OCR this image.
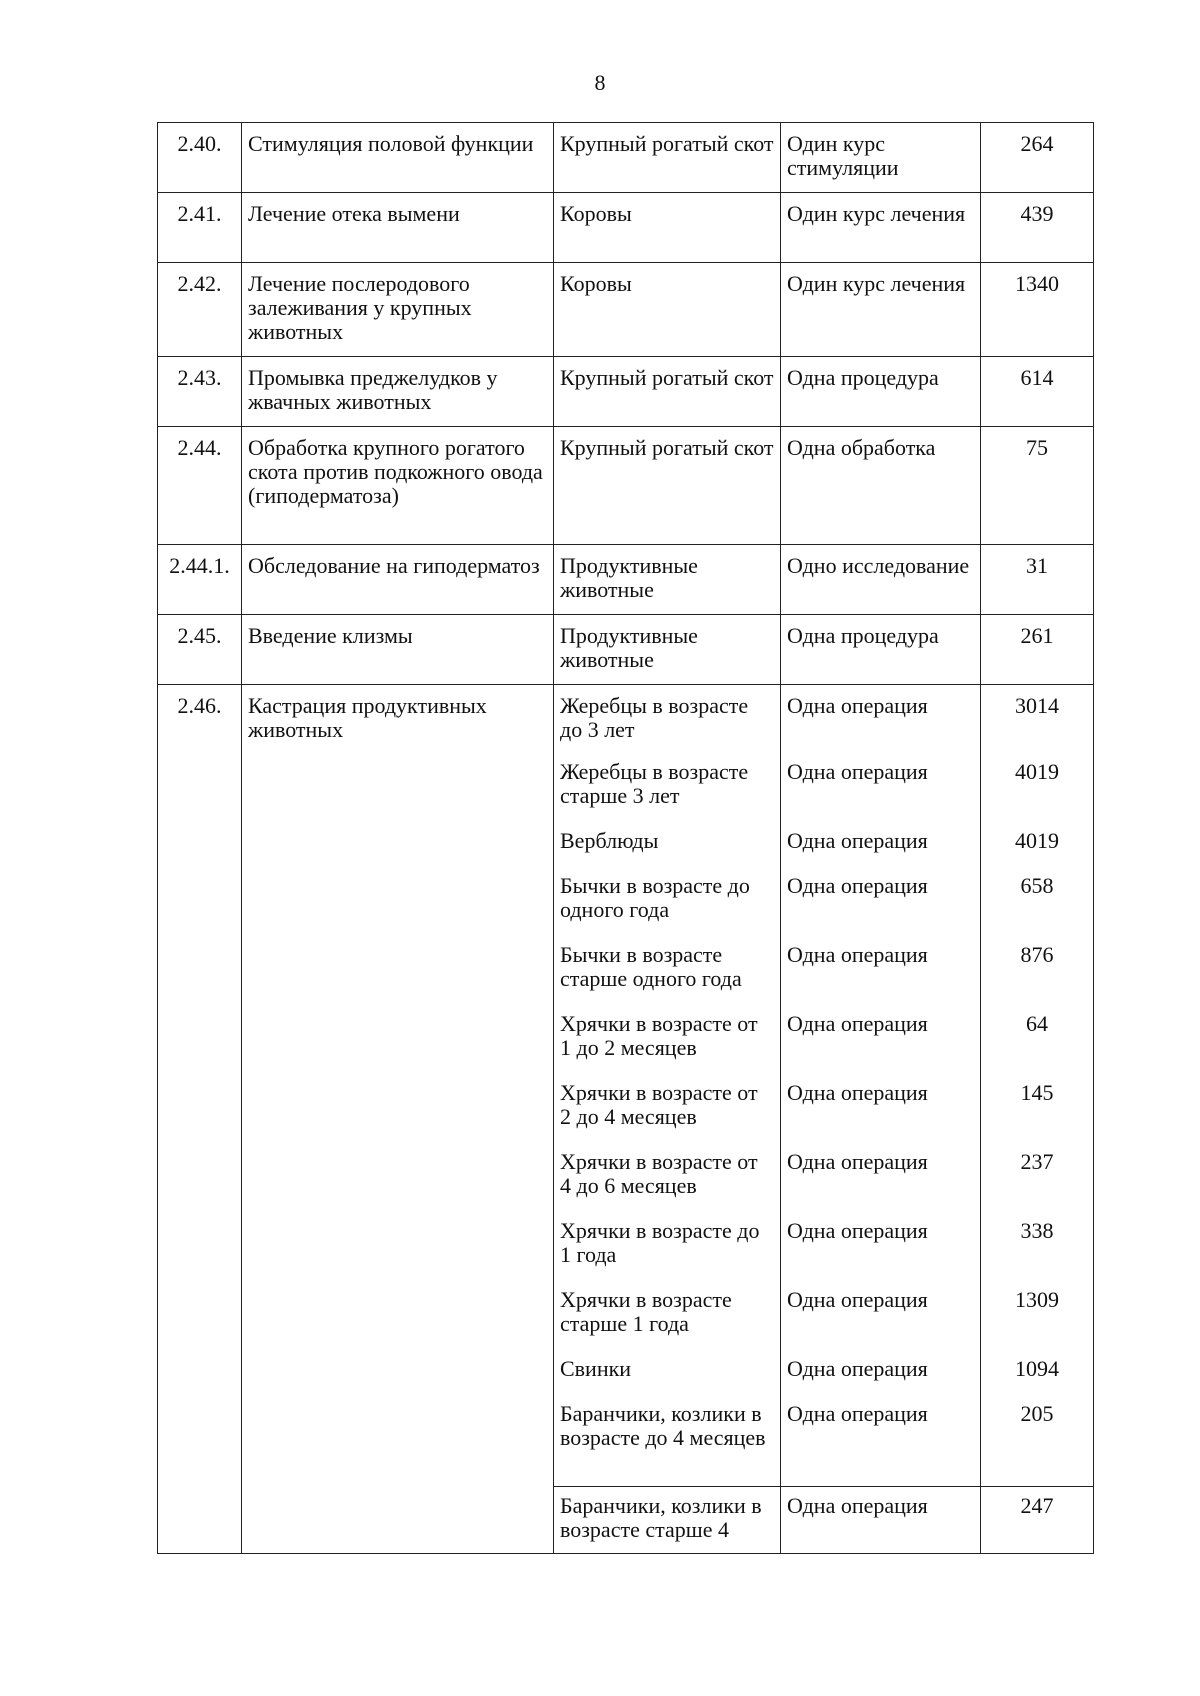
8
2.40.	Стимуляция половой функции	Крупный рогатый скот	Один курс стимуляции	264
2.41.	Лечение отека вымени	Коровы	Один курс лечения	439
2.42.	Лечение послеродового залеживания у крупных животных	Коровы	Один курс лечения	1340
2.43.	Промывка преджелудков у жвачных животных	Крупный рогатый скот	Одна процедура	614
2.44.	Обработка крупного рогатого скота против подкожного овода (гиподерматоза)	Крупный рогатый скот	Одна обработка	75
2.44.1.	Обследование на гиподерматоз	Продуктивные животные	Одно исследование	31
2.45.	Введение клизмы	Продуктивные животные	Одна процедура	261
2.46.	Кастрация продуктивных животных	Жеребцы в возрасте до 3 лет	Одна операция	3014
		Жеребцы в возрасте старше 3 лет	Одна операция	4019
		Верблюды	Одна операция	4019
		Бычки в возрасте до одного года	Одна операция	658
		Бычки в возрасте старше одного года	Одна операция	876
		Хрячки в возрасте от 1 до 2 месяцев	Одна операция	64
		Хрячки в возрасте от 2 до 4 месяцев	Одна операция	145
		Хрячки в возрасте от 4 до 6 месяцев	Одна операция	237
		Хрячки в возрасте до 1 года	Одна операция	338
		Хрячки в возрасте старше 1 года	Одна операция	1309
		Свинки	Одна операция	1094
		Баранчики, козлики в возрасте до 4 месяцев	Одна операция	205
		Баранчики, козлики в возрасте старше 4	Одна операция	247
